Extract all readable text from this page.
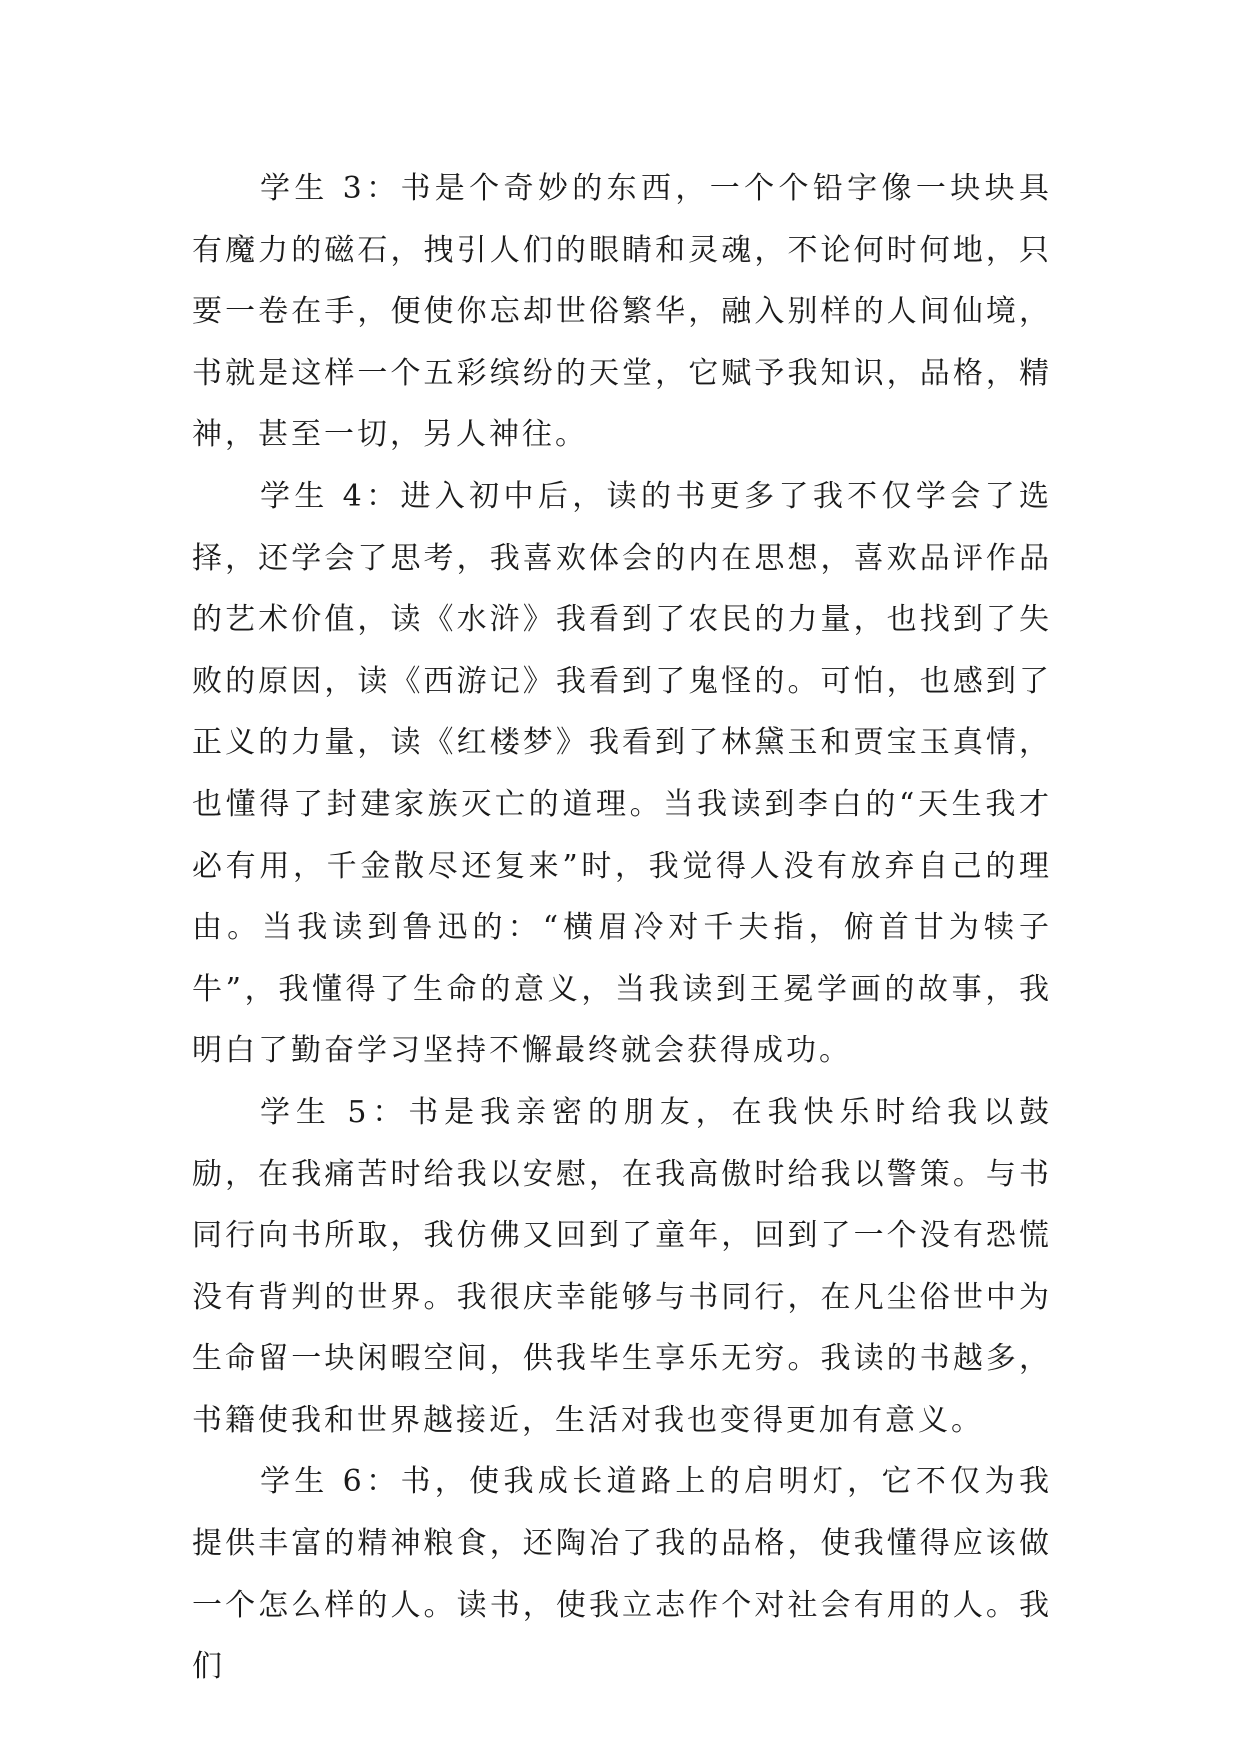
学生 3：书是个奇妙的东西，一个个铅字像一块块具有魔力的磁石，拽引人们的眼睛和灵魂，不论何时何地，只要一卷在手，便使你忘却世俗繁华，融入别样的人间仙境，书就是这样一个五彩缤纷的天堂，它赋予我知识，品格，精神，甚至一切，另人神往。

学生 4：进入初中后，读的书更多了我不仅学会了选择，还学会了思考，我喜欢体会的内在思想，喜欢品评作品的艺术价值，读《水浒》我看到了农民的力量，也找到了失败的原因，读《西游记》我看到了鬼怪的。可怕，也感到了正义的力量，读《红楼梦》我看到了林黛玉和贾宝玉真情，也懂得了封建家族灭亡的道理。当我读到李白的“天生我才必有用，千金散尽还复来”时，我觉得人没有放弃自己的理由。当我读到鲁迅的：“横眉冷对千夫指，俯首甘为犊子牛”，我懂得了生命的意义，当我读到王冕学画的故事，我明白了勤奋学习坚持不懈最终就会获得成功。

学生 5：书是我亲密的朋友，在我快乐时给我以鼓励，在我痛苦时给我以安慰，在我高傲时给我以警策。与书同行向书所取，我仿佛又回到了童年，回到了一个没有恐慌没有背判的世界。我很庆幸能够与书同行，在凡尘俗世中为生命留一块闲暇空间，供我毕生享乐无穷。我读的书越多，书籍使我和世界越接近，生活对我也变得更加有意义。

学生 6：书，使我成长道路上的启明灯，它不仅为我提供丰富的精神粮食，还陶冶了我的品格，使我懂得应该做一个怎么样的人。读书，使我立志作个对社会有用的人。我们
